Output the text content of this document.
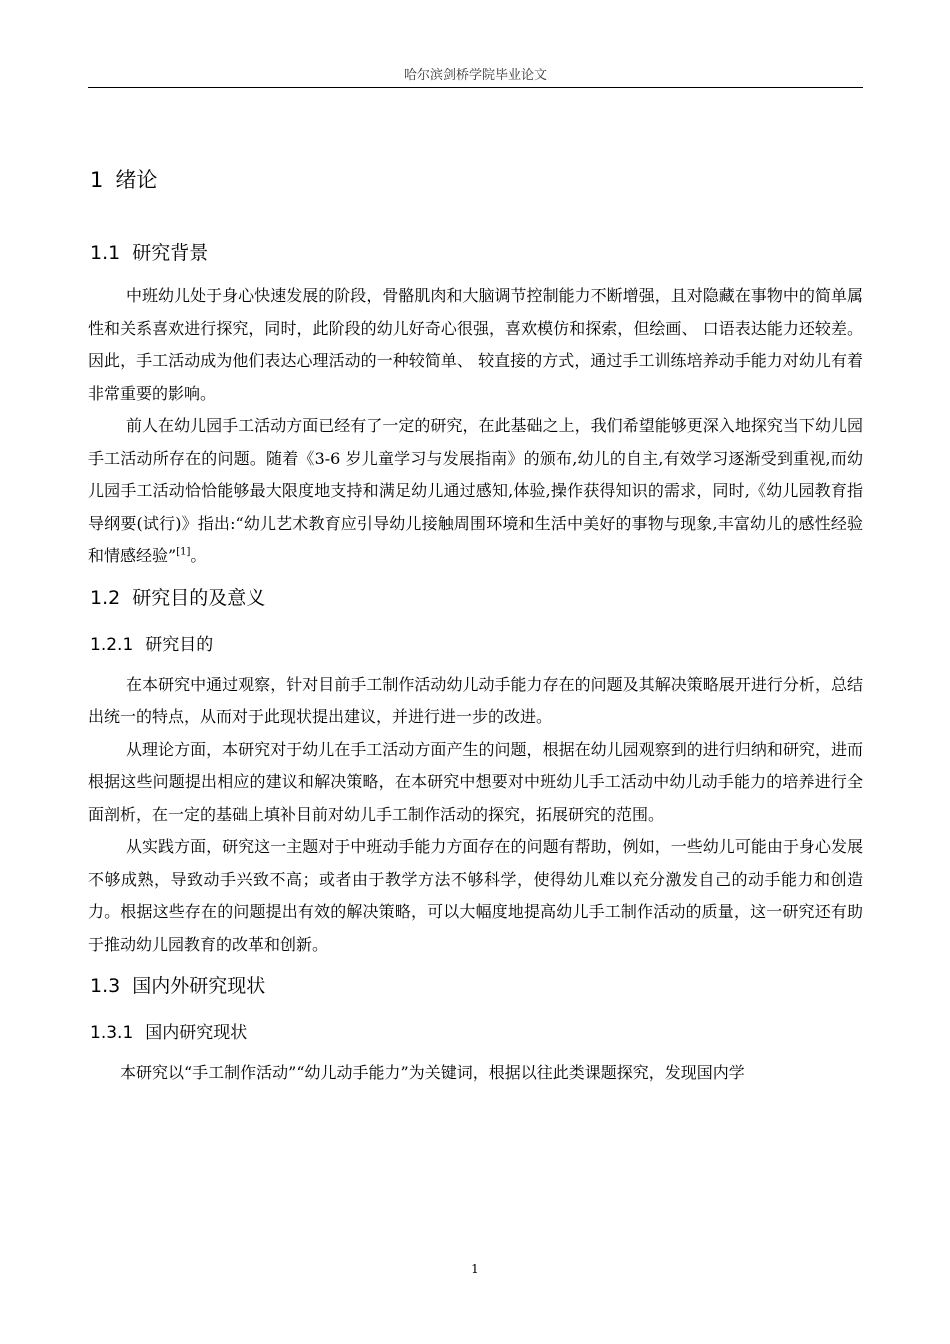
哈尔滨剑桥学院毕业论文
1 绪论
1.1 研究背景

中班幼儿处于身心快速发展的阶段，骨骼肌肉和大脑调节控制能力不断增强，且对隐藏在事物中的简单属性和关系喜欢进行探究，同时，此阶段的幼儿好奇心很强，喜欢模仿和探索，但绘画、 口语表达能力还较差。因此，手工活动成为他们表达心理活动的一种较简单、 较直接的方式，通过手工训练培养动手能力对幼儿有着非常重要的影响。

前人在幼儿园手工活动方面已经有了一定的研究，在此基础之上，我们希望能够更深入地探究当下幼儿园手工活动所存在的问题。随着《3-6 岁儿童学习与发展指南》的颁布,幼儿的自主,有效学习逐渐受到重视,而幼儿园手工活动恰恰能够最大限度地支持和满足幼儿通过感知,体验,操作获得知识的需求，同时,《幼儿园教育指导纲要(试行)》指出:“幼儿艺术教育应引导幼儿接触周围环境和生活中美好的事物与现象,丰富幼儿的感性经验和情感经验”[1]。

1.2 研究目的及意义
1.2.1 研究目的

在本研究中通过观察，针对目前手工制作活动幼儿动手能力存在的问题及其解决策略展开进行分析，总结出统一的特点，从而对于此现状提出建议，并进行进一步的改进。

从理论方面，本研究对于幼儿在手工活动方面产生的问题，根据在幼儿园观察到的进行归纳和研究，进而根据这些问题提出相应的建议和解决策略，在本研究中想要对中班幼儿手工活动中幼儿动手能力的培养进行全面剖析，在一定的基础上填补目前对幼儿手工制作活动的探究，拓展研究的范围。

从实践方面，研究这一主题对于中班动手能力方面存在的问题有帮助，例如，一些幼儿可能由于身心发展不够成熟，导致动手兴致不高；或者由于教学方法不够科学，使得幼儿难以充分激发自己的动手能力和创造力。根据这些存在的问题提出有效的解决策略，可以大幅度地提高幼儿手工制作活动的质量，这一研究还有助于推动幼儿园教育的改革和创新。

1.3 国内外研究现状
1.3.1 国内研究现状

本研究以“手工制作活动”“幼儿动手能力”为关键词，根据以往此类课题探究，发现国内学

1
